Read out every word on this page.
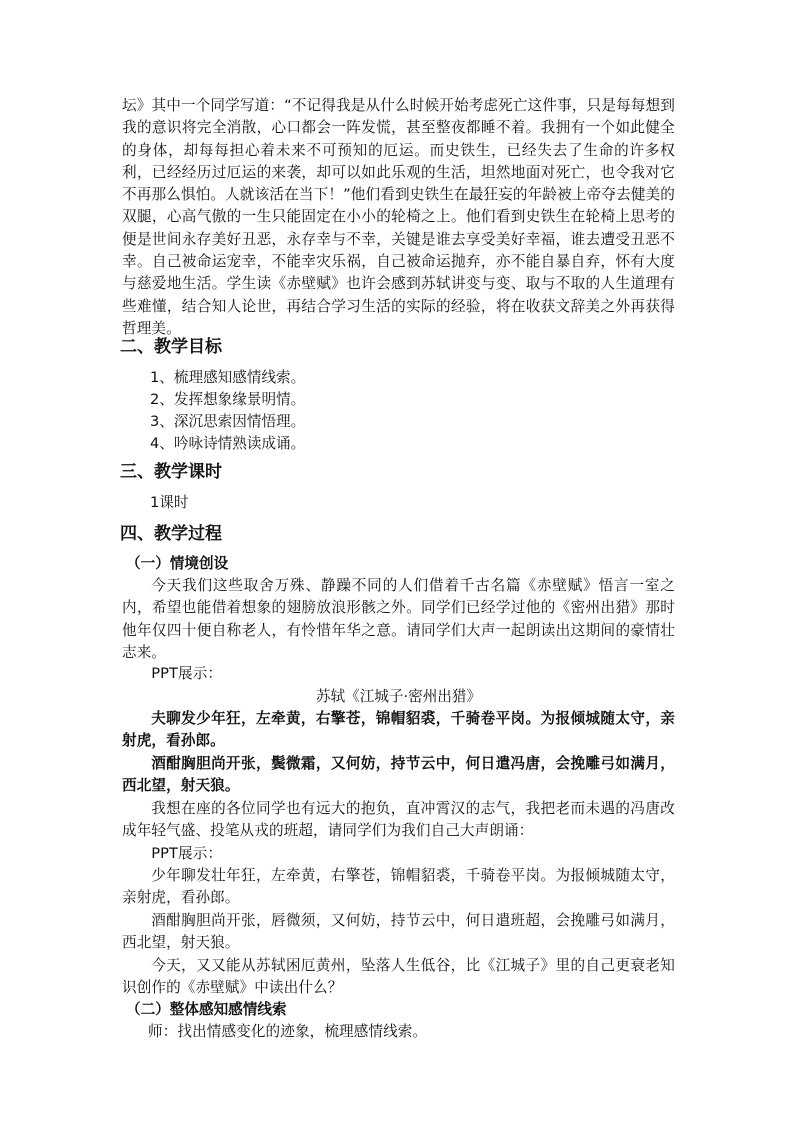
坛》其中一个同学写道：“不记得我是从什么时候开始考虑死亡这件事，只是每每想到我的意识将完全消散，心口都会一阵发慌，甚至整夜都睡不着。我拥有一个如此健全的身体，却每每担心着未来不可预知的厄运。而史铁生，已经失去了生命的许多权利，已经经历过厄运的来袭，却可以如此乐观的生活，坦然地面对死亡，也令我对它不再那么惧怕。人就该活在当下！”他们看到史铁生在最狂妄的年龄被上帝夺去健美的双腿，心高气傲的一生只能固定在小小的轮椅之上。他们看到史铁生在轮椅上思考的便是世间永存美好丑恶，永存幸与不幸，关键是谁去享受美好幸福，谁去遭受丑恶不幸。自己被命运宠幸，不能幸灾乐祸，自己被命运抛弃，亦不能自暴自弃，怀有大度与慈爱地生活。学生读《赤壁赋》也许会感到苏轼讲变与变、取与不取的人生道理有些难懂，结合知人论世，再结合学习生活的实际的经验，将在收获文辞美之外再获得哲理美。

二、教学目标

1、梳理感知感情线索。

2、发挥想象缘景明情。

3、深沉思索因情悟理。

4、吟咏诗情熟读成诵。

三、教学课时

1课时

四、教学过程
（一）情境创设

今天我们这些取舍万殊、静躁不同的人们借着千古名篇《赤壁赋》悟言一室之内，希望也能借着想象的翅膀放浪形骸之外。同学们已经学过他的《密州出猎》那时他年仅四十便自称老人，有怜惜年华之意。请同学们大声一起朗读出这期间的豪情壮志来。

PPT展示：

苏轼《江城子·密州出猎》

夫聊发少年狂，左牵黄，右擎苍，锦帽貂裘，千骑卷平岗。为报倾城随太守，亲射虎，看孙郎。

酒酣胸胆尚开张，鬓微霜，又何妨，持节云中，何日遣冯唐，会挽雕弓如满月，西北望，射天狼。

我想在座的各位同学也有远大的抱负，直冲霄汉的志气，我把老而未遇的冯唐改成年轻气盛、投笔从戎的班超，请同学们为我们自己大声朗诵：

PPT展示：

少年聊发壮年狂，左牵黄，右擎苍，锦帽貂裘，千骑卷平岗。为报倾城随太守，亲射虎，看孙郎。

酒酣胸胆尚开张，唇微须，又何妨，持节云中，何日遣班超，会挽雕弓如满月，西北望，射天狼。

今天，又又能从苏轼困厄黄州，坠落人生低谷，比《江城子》里的自己更衰老知识创作的《赤壁赋》中读出什么？

（二）整体感知感情线索

师：找出情感变化的迹象，梳理感情线索。
